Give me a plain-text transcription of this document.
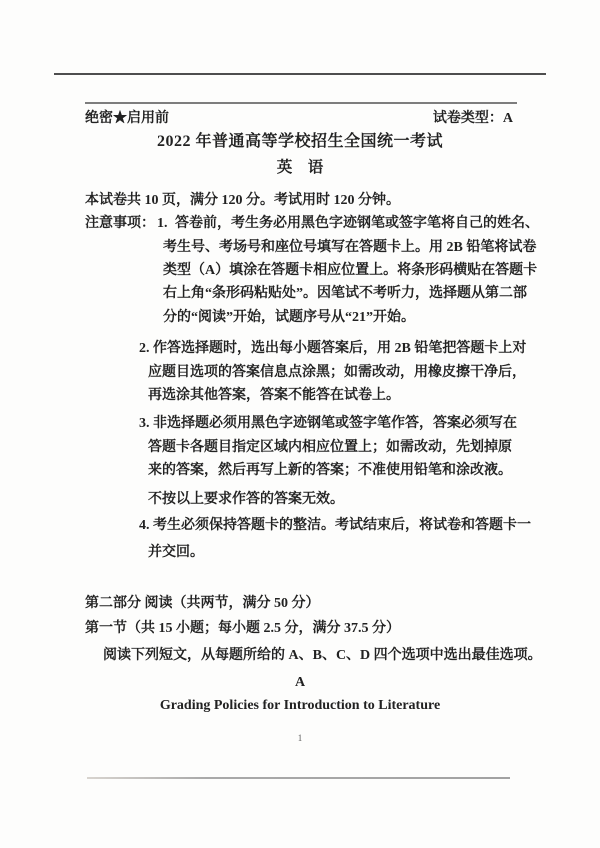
绝密★启用前	试卷类型：A
2022 年普通高等学校招生全国统一考试
英　语
本试卷共 10 页，满分 120 分。考试用时 120 分钟。
注意事项： 1. 答卷前，考生务必用黑色字迹钢笔或签字笔将自己的姓名、
考生号、考场号和座位号填写在答题卡上。用 2B 铅笔将试卷
类型（A）填涂在答题卡相应位置上。将条形码横贴在答题卡
右上角“条形码粘贴处”。因笔试不考听力，选择题从第二部
分的“阅读”开始，试题序号从“21”开始。
2. 作答选择题时，选出每小题答案后，用 2B 铅笔把答题卡上对
应题目选项的答案信息点涂黑；如需改动，用橡皮擦干净后，
再选涂其他答案，答案不能答在试卷上。
3. 非选择题必须用黑色字迹钢笔或签字笔作答，答案必须写在
答题卡各题目指定区域内相应位置上；如需改动，先划掉原
来的答案，然后再写上新的答案；不准使用铅笔和涂改液。
不按以上要求作答的答案无效。
4. 考生必须保持答题卡的整洁。考试结束后，将试卷和答题卡一
并交回。
第二部分 阅读（共两节，满分 50 分）
第一节（共 15 小题；每小题 2.5 分，满分 37.5 分）
阅读下列短文，从每题所给的 A、B、C、D 四个选项中选出最佳选项。
A
Grading Policies for Introduction to Literature
1
